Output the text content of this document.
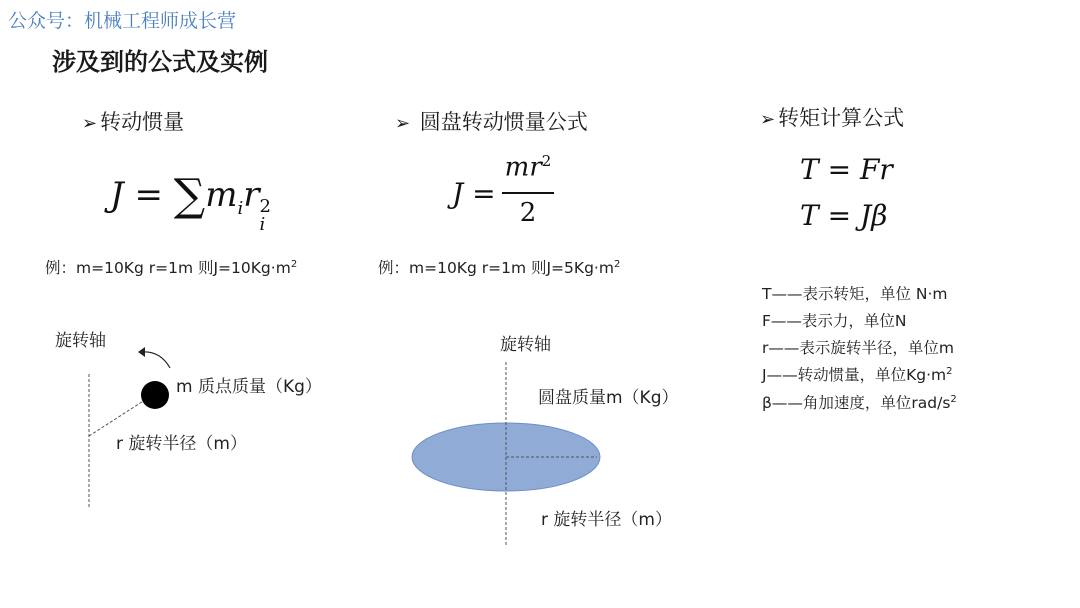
公众号：机械工程师成长营
涉及到的公式及实例
➢ 转动惯量
$J = \sum m_ir$ 2
i
例：m=10Kg r=1m 则$J=10Kg\cdot m^2$
➢ 圆盘转动惯量公式
J =
$mr^2$
2
例：m=10Kg r=1m 则$J=5Kg\cdot m^2$
➢ 转矩计算公式
T = Fr
T = Jβ
T——表示转矩，单位 N·m
F——表示力，单位N
r——表示旋转半径，单位m
J——转动惯量，单位$Kg\cdot m^2$
β——角加速度，单位rad/$s^2$
旋转轴
m 质点质量（Kg）
r 旋转半径（m）
旋转轴
圆盘质量m（Kg）
r 旋转半径（m）
